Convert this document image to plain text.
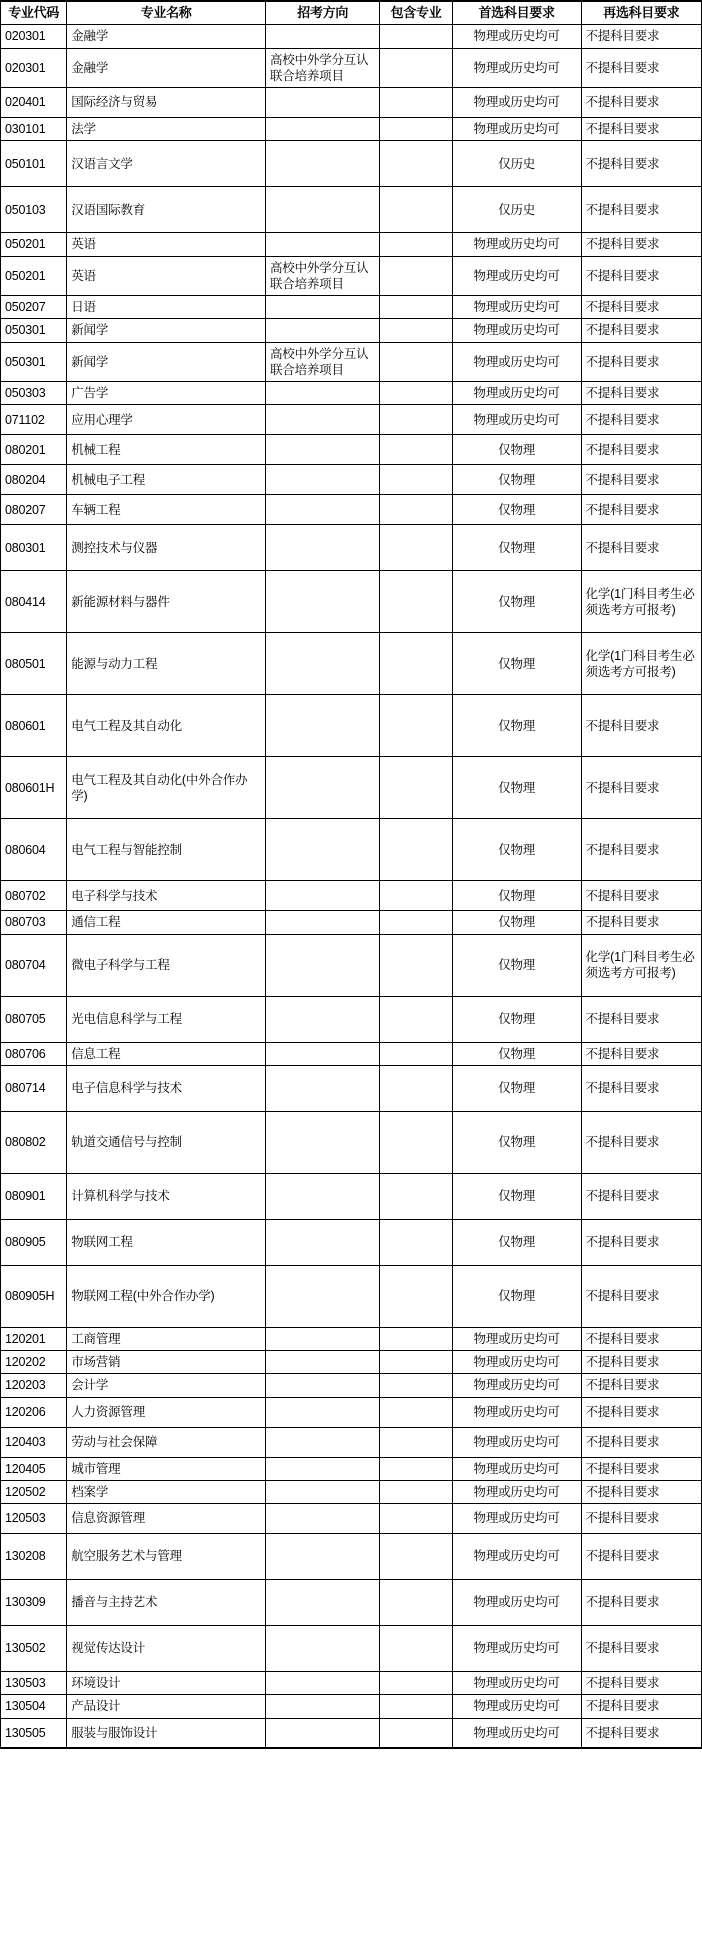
专业代码	专业名称	招考方向	包含专业	首选科目要求	再选科目要求
020301	金融学			物理或历史均可	不提科目要求
020301	金融学	高校中外学分互认联合培养项目		物理或历史均可	不提科目要求
020401	国际经济与贸易			物理或历史均可	不提科目要求
030101	法学			物理或历史均可	不提科目要求
050101	汉语言文学			仅历史	不提科目要求
050103	汉语国际教育			仅历史	不提科目要求
050201	英语			物理或历史均可	不提科目要求
050201	英语	高校中外学分互认联合培养项目		物理或历史均可	不提科目要求
050207	日语			物理或历史均可	不提科目要求
050301	新闻学			物理或历史均可	不提科目要求
050301	新闻学	高校中外学分互认联合培养项目		物理或历史均可	不提科目要求
050303	广告学			物理或历史均可	不提科目要求
071102	应用心理学			物理或历史均可	不提科目要求
080201	机械工程			仅物理	不提科目要求
080204	机械电子工程			仅物理	不提科目要求
080207	车辆工程			仅物理	不提科目要求
080301	测控技术与仪器			仅物理	不提科目要求
080414	新能源材料与器件			仅物理	化学(1门科目考生必须选考方可报考)
080501	能源与动力工程			仅物理	化学(1门科目考生必须选考方可报考)
080601	电气工程及其自动化			仅物理	不提科目要求
080601H	电气工程及其自动化(中外合作办学)			仅物理	不提科目要求
080604	电气工程与智能控制			仅物理	不提科目要求
080702	电子科学与技术			仅物理	不提科目要求
080703	通信工程			仅物理	不提科目要求
080704	微电子科学与工程			仅物理	化学(1门科目考生必须选考方可报考)
080705	光电信息科学与工程			仅物理	不提科目要求
080706	信息工程			仅物理	不提科目要求
080714	电子信息科学与技术			仅物理	不提科目要求
080802	轨道交通信号与控制			仅物理	不提科目要求
080901	计算机科学与技术			仅物理	不提科目要求
080905	物联网工程			仅物理	不提科目要求
080905H	物联网工程(中外合作办学)			仅物理	不提科目要求
120201	工商管理			物理或历史均可	不提科目要求
120202	市场营销			物理或历史均可	不提科目要求
120203	会计学			物理或历史均可	不提科目要求
120206	人力资源管理			物理或历史均可	不提科目要求
120403	劳动与社会保障			物理或历史均可	不提科目要求
120405	城市管理			物理或历史均可	不提科目要求
120502	档案学			物理或历史均可	不提科目要求
120503	信息资源管理			物理或历史均可	不提科目要求
130208	航空服务艺术与管理			物理或历史均可	不提科目要求
130309	播音与主持艺术			物理或历史均可	不提科目要求
130502	视觉传达设计			物理或历史均可	不提科目要求
130503	环境设计			物理或历史均可	不提科目要求
130504	产品设计			物理或历史均可	不提科目要求
130505	服装与服饰设计			物理或历史均可	不提科目要求
